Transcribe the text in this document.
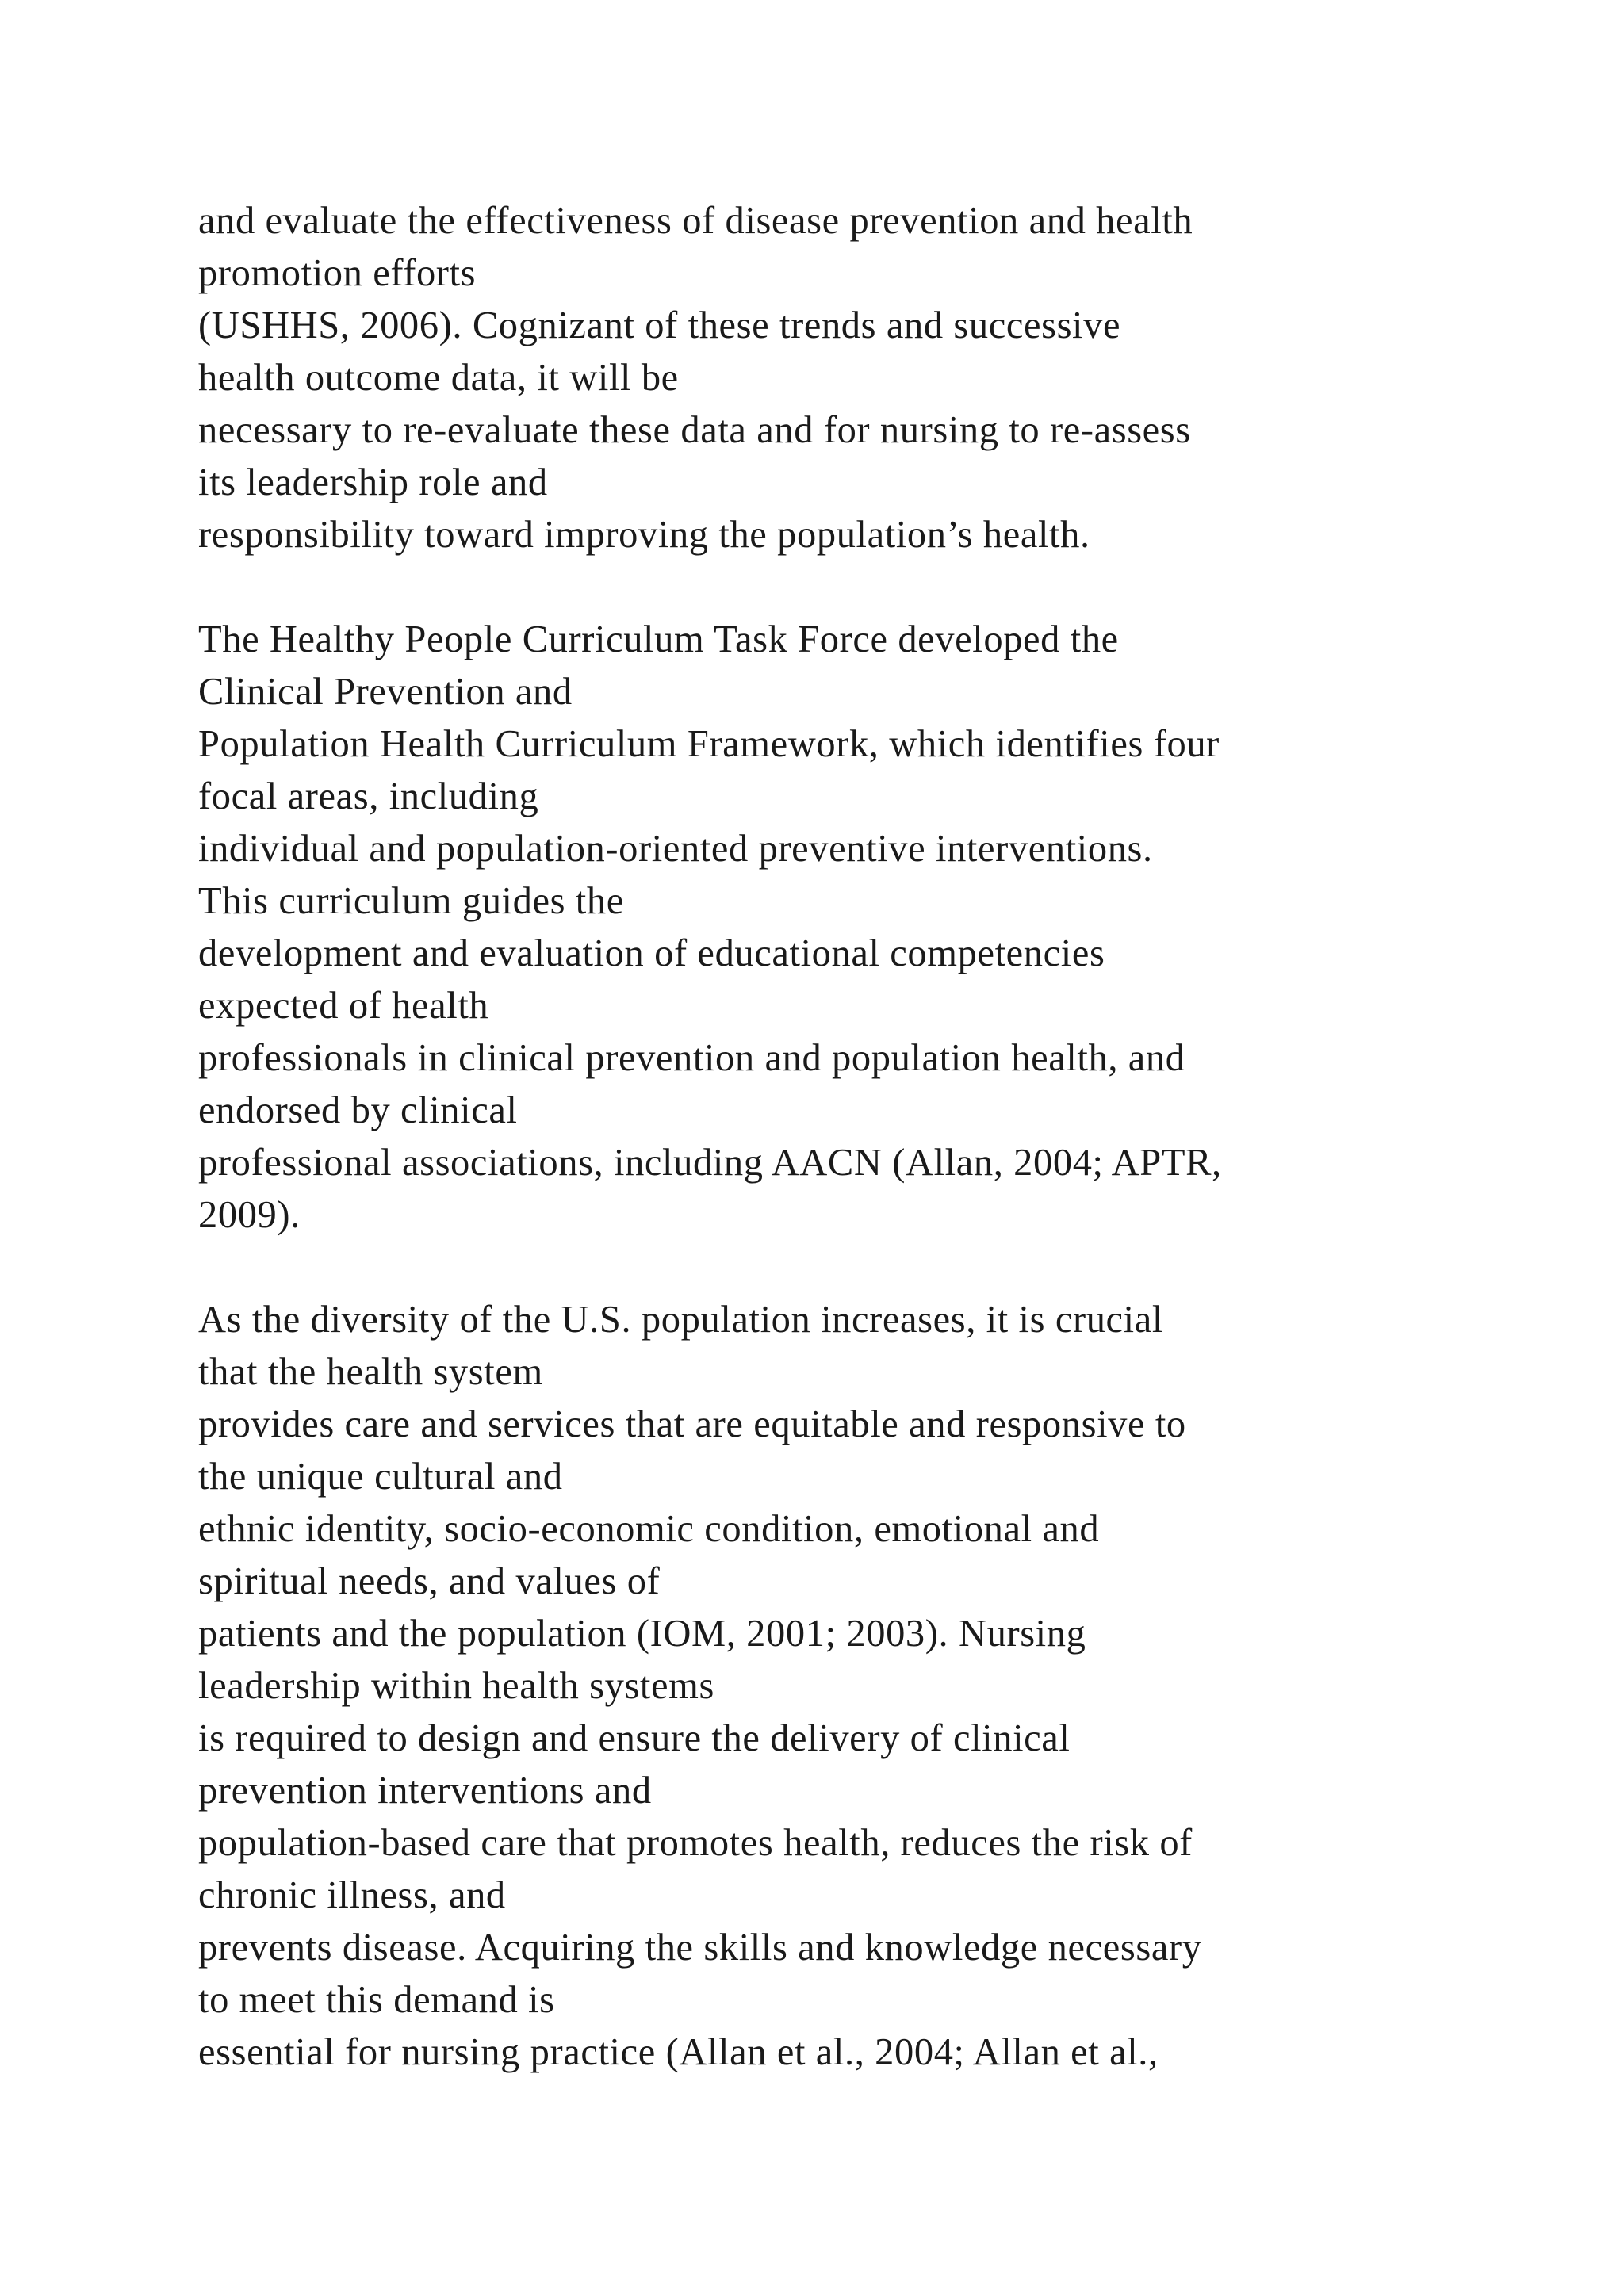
and evaluate the effectiveness of disease prevention and health
promotion efforts
(USHHS, 2006). Cognizant of these trends and successive
health outcome data, it will be
necessary to re-evaluate these data and for nursing to re-assess
its leadership role and
responsibility toward improving the population’s health.
The Healthy People Curriculum Task Force developed the
Clinical Prevention and
Population Health Curriculum Framework, which identifies four
focal areas, including
individual and population-oriented preventive interventions.
This curriculum guides the
development and evaluation of educational competencies
expected of health
professionals in clinical prevention and population health, and
endorsed by clinical
professional associations, including AACN (Allan, 2004; APTR,
2009).
As the diversity of the U.S. population increases, it is crucial
that the health system
provides care and services that are equitable and responsive to
the unique cultural and
ethnic identity, socio-economic condition, emotional and
spiritual needs, and values of
patients and the population (IOM, 2001; 2003). Nursing
leadership within health systems
is required to design and ensure the delivery of clinical
prevention interventions and
population-based care that promotes health, reduces the risk of
chronic illness, and
prevents disease. Acquiring the skills and knowledge necessary
to meet this demand is
essential for nursing practice (Allan et al., 2004; Allan et al.,
